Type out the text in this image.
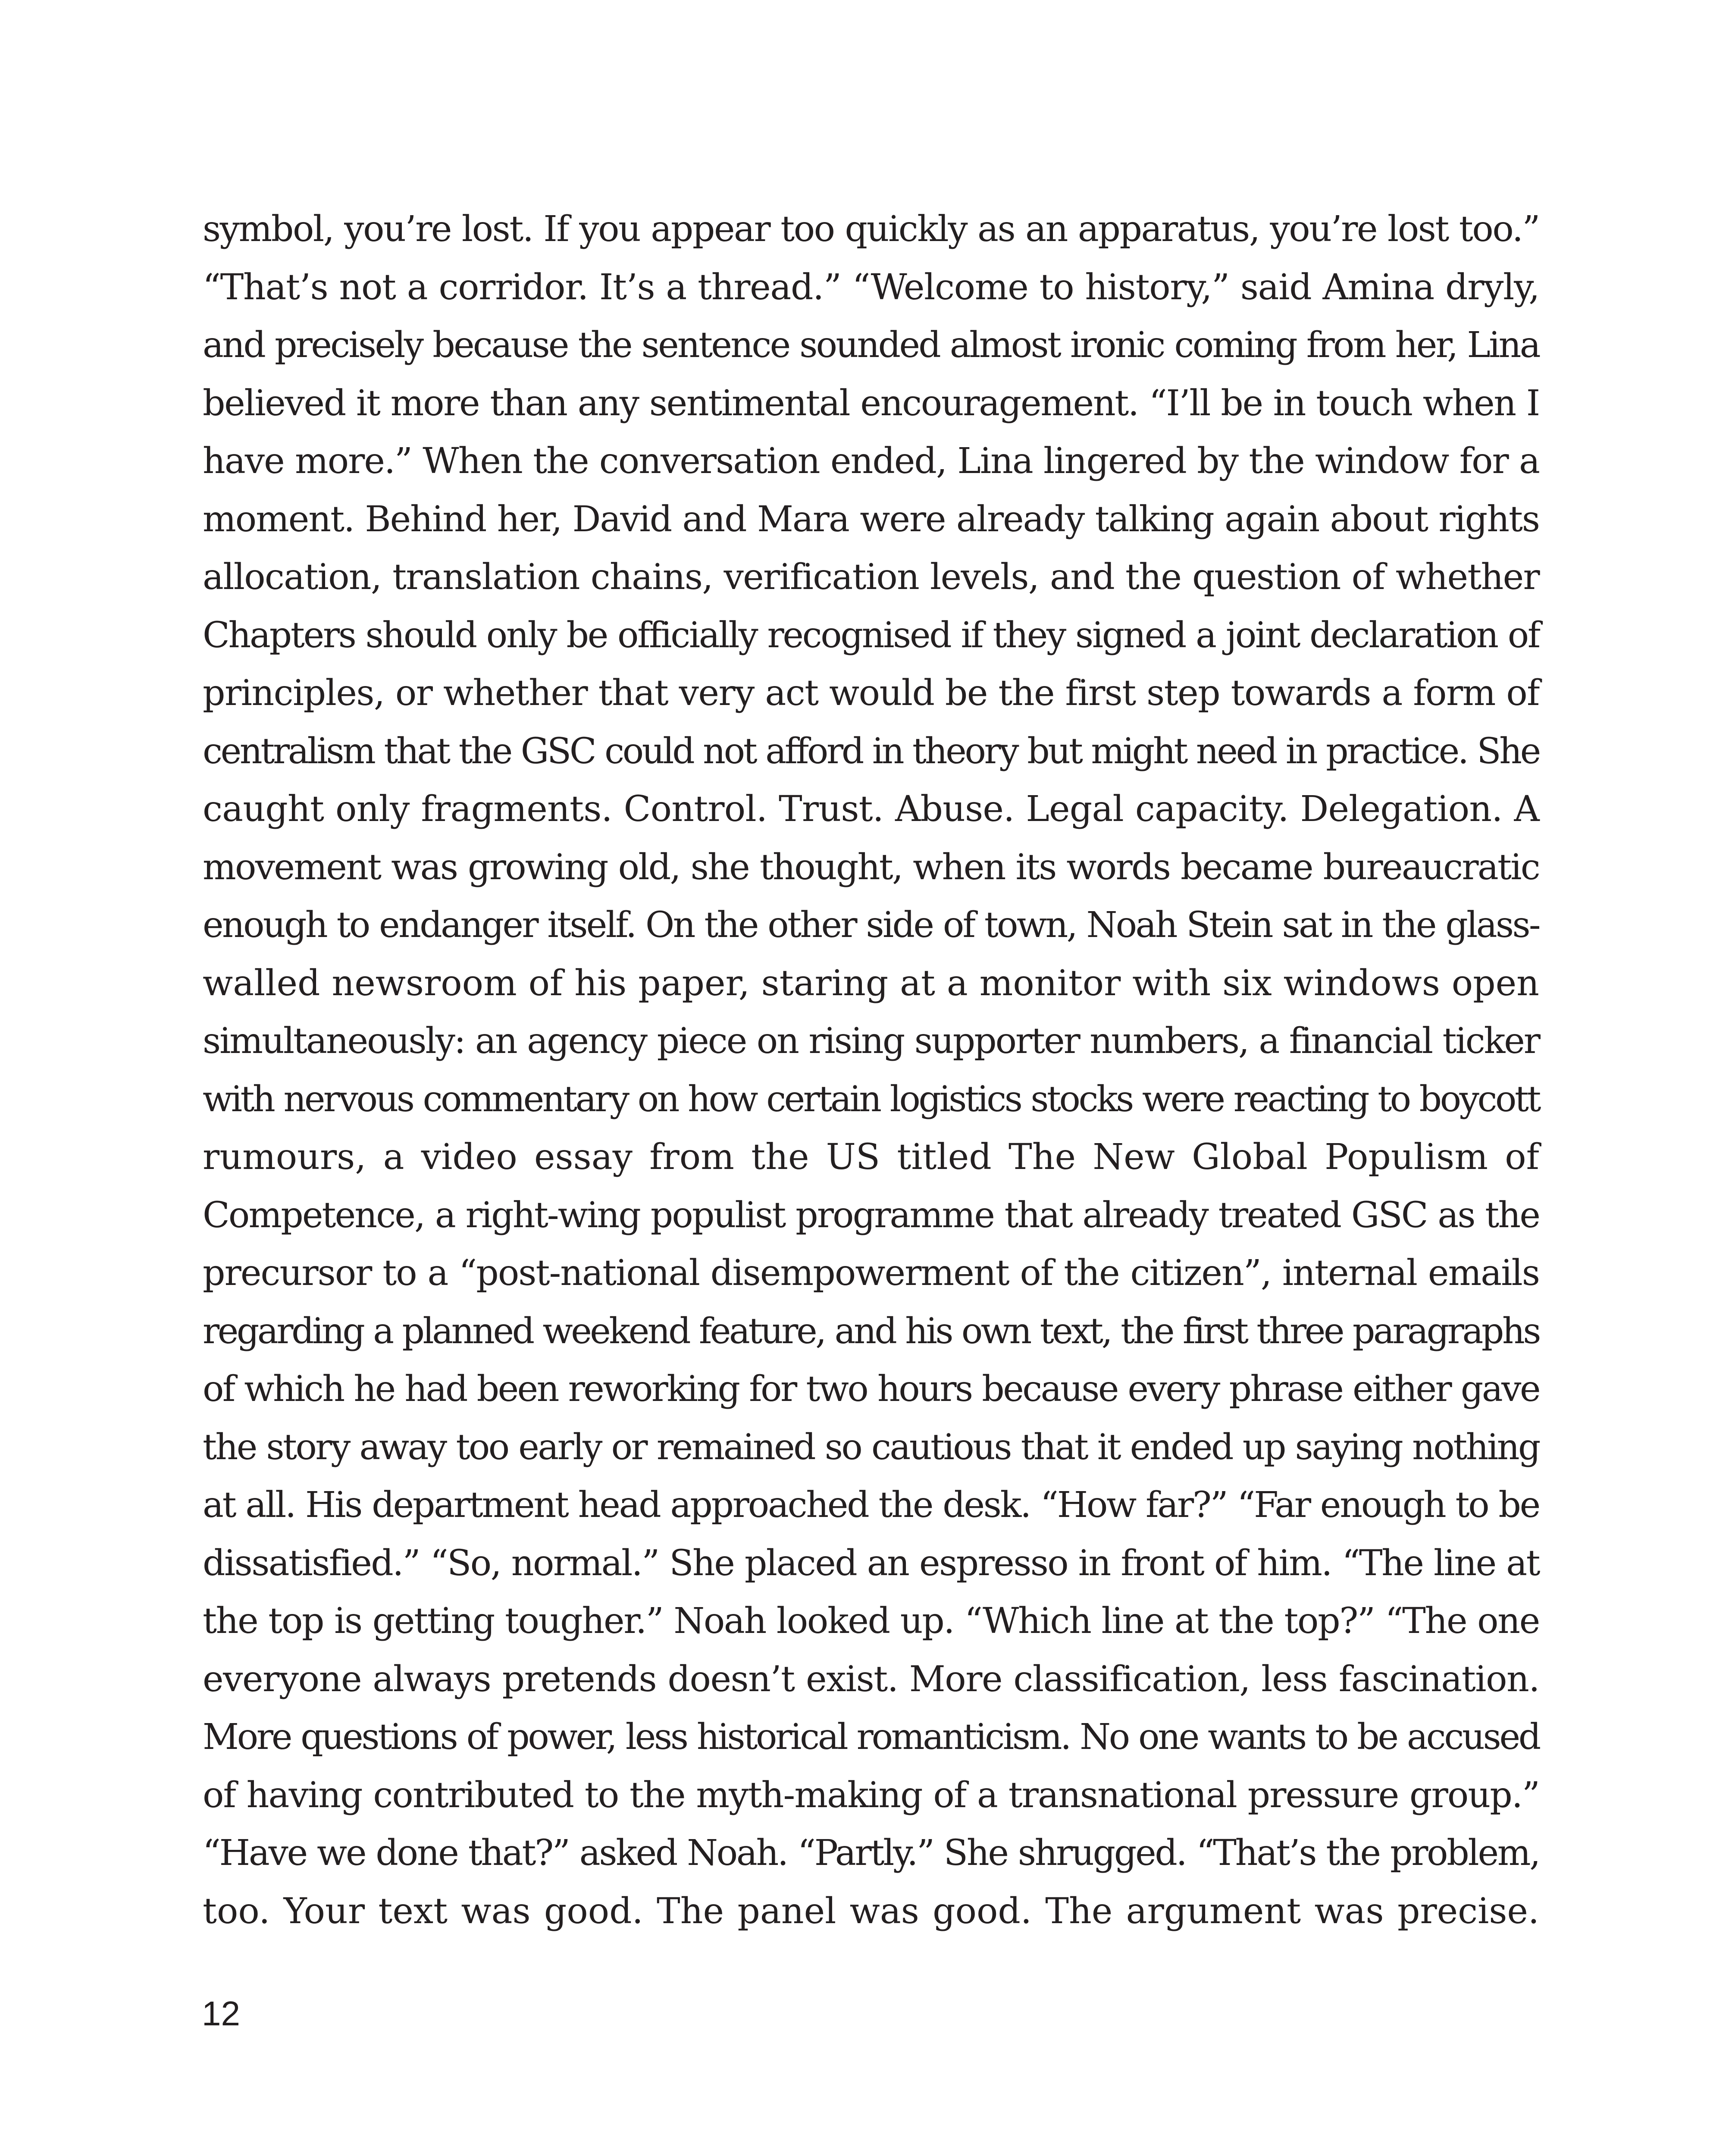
symbol, you’re lost. If you appear too quickly as an apparatus, you’re lost too.”
“That’s not a corridor. It’s a thread.” “Welcome to history,” said Amina dryly,
and precisely because the sentence sounded almost ironic coming from her, Lina
believed it more than any sentimental encouragement. “I’ll be in touch when I
have more.” When the conversation ended, Lina lingered by the window for a
moment. Behind her, David and Mara were already talking again about rights
allocation, translation chains, verification levels, and the question of whether
Chapters should only be officially recognised if they signed a joint declaration of
principles, or whether that very act would be the first step towards a form of
centralism that the GSC could not afford in theory but might need in practice. She
caught only fragments. Control. Trust. Abuse. Legal capacity. Delegation. A
movement was growing old, she thought, when its words became bureaucratic
enough to endanger itself. On the other side of town, Noah Stein sat in the glass-
walled newsroom of his paper, staring at a monitor with six windows open
simultaneously: an agency piece on rising supporter numbers, a financial ticker
with nervous commentary on how certain logistics stocks were reacting to boycott
rumours, a video essay from the US titled The New Global Populism of
Competence, a right-wing populist programme that already treated GSC as the
precursor to a “post-national disempowerment of the citizen”, internal emails
regarding a planned weekend feature, and his own text, the first three paragraphs
of which he had been reworking for two hours because every phrase either gave
the story away too early or remained so cautious that it ended up saying nothing
at all. His department head approached the desk. “How far?” “Far enough to be
dissatisfied.” “So, normal.” She placed an espresso in front of him. “The line at
the top is getting tougher.” Noah looked up. “Which line at the top?” “The one
everyone always pretends doesn’t exist. More classification, less fascination.
More questions of power, less historical romanticism. No one wants to be accused
of having contributed to the myth-making of a transnational pressure group.”
“Have we done that?” asked Noah. “Partly.” She shrugged. “That’s the problem,
too. Your text was good. The panel was good. The argument was precise.
12
